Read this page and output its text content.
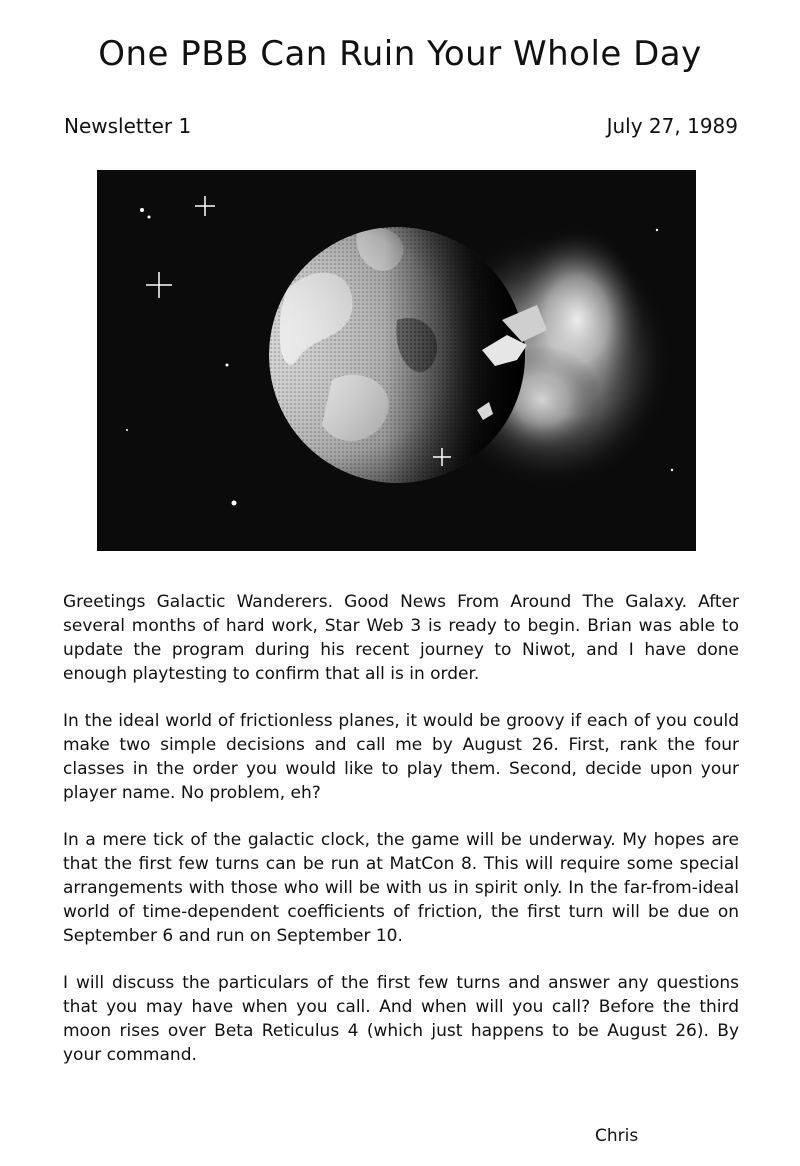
One PBB Can Ruin Your Whole Day
Newsletter 1	July 27, 1989

Greetings Galactic Wanderers. Good News From Around The Galaxy. After several months of hard work, Star Web 3 is ready to begin. Brian was able to update the program during his recent journey to Niwot, and I have done enough playtesting to confirm that all is in order.

In the ideal world of frictionless planes, it would be groovy if each of you could make two simple decisions and call me by August 26. First, rank the four classes in the order you would like to play them. Second, decide upon your player name. No problem, eh?

In a mere tick of the galactic clock, the game will be underway. My hopes are that the first few turns can be run at MatCon 8. This will require some special arrangements with those who will be with us in spirit only. In the far-from-ideal world of time-dependent coefficients of friction, the first turn will be due on September 6 and run on September 10.

I will discuss the particulars of the first few turns and answer any questions that you may have when you call. And when will you call? Before the third moon rises over Beta Reticulus 4 (which just happens to be August 26). By your command.

Chris
